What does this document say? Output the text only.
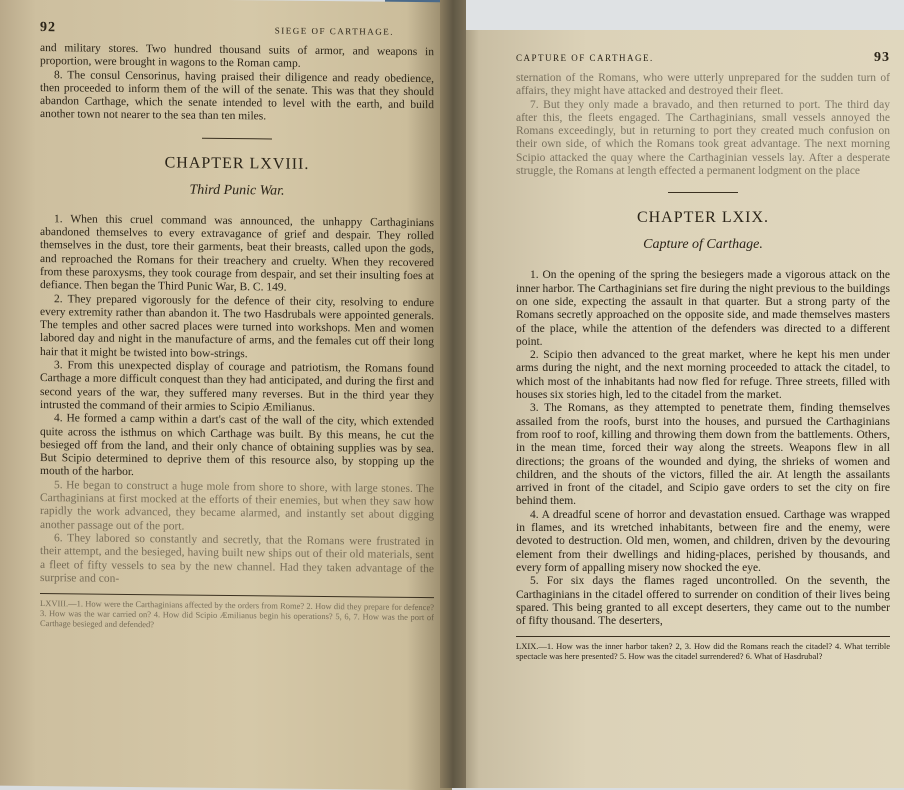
92	SIEGE OF CARTHAGE.

and military stores. Two hundred thousand suits of armor, and weapons in proportion, were brought in wagons to the Roman camp.

8. The consul Censorinus, having praised their diligence and ready obedience, then proceeded to inform them of the will of the senate. This was that they should abandon Carthage, which the senate intended to level with the earth, and build another town not nearer to the sea than ten miles.

CHAPTER LXVIII.
Third Punic War.

1. When this cruel command was announced, the unhappy Carthaginians abandoned themselves to every extravagance of grief and despair. They rolled themselves in the dust, tore their garments, beat their breasts, called upon the gods, and reproached the Romans for their treachery and cruelty. When they recovered from these paroxysms, they took courage from despair, and set their insulting foes at defiance. Then began the Third Punic War, B. C. 149.

2. They prepared vigorously for the defence of their city, resolving to endure every extremity rather than abandon it. The two Hasdrubals were appointed generals. The temples and other sacred places were turned into workshops. Men and women labored day and night in the manufacture of arms, and the females cut off their long hair that it might be twisted into bow-strings.

3. From this unexpected display of courage and patriotism, the Romans found Carthage a more difficult conquest than they had anticipated, and during the first and second years of the war, they suffered many reverses. But in the third year they intrusted the command of their armies to Scipio Æmilianus.

4. He formed a camp within a dart's cast of the wall of the city, which extended quite across the isthmus on which Carthage was built. By this means, he cut the besieged off from the land, and their only chance of obtaining supplies was by sea. But Scipio determined to deprive them of this resource also, by stopping up the mouth of the harbor.

5. He began to construct a huge mole from shore to shore, with large stones. The Carthaginians at first mocked at the efforts of their enemies, but when they saw how rapidly the work advanced, they became alarmed, and instantly set about digging another passage out of the port.

6. They labored so constantly and secretly, that the Romans were frustrated in their attempt, and the besieged, having built new ships out of their old materials, sent a fleet of fifty vessels to sea by the new channel. Had they taken advantage of the surprise and con-

LXVIII.—1. How were the Carthaginians affected by the orders from Rome? 2. How did they prepare for defence? 3. How was the war carried on? 4. How did Scipio Æmilianus begin his operations? 5, 6, 7. How was the port of Carthage besieged and defended?

CAPTURE OF CARTHAGE.	93

sternation of the Romans, who were utterly unprepared for the sudden turn of affairs, they might have attacked and destroyed their fleet.

7. But they only made a bravado, and then returned to port. The third day after this, the fleets engaged. The Carthaginians, small vessels annoyed the Romans exceedingly, but in returning to port they created much confusion on their own side, of which the Romans took great advantage. The next morning Scipio attacked the quay where the Carthaginian vessels lay. After a desperate struggle, the Romans at length effected a permanent lodgment on the place

CHAPTER LXIX.
Capture of Carthage.

1. On the opening of the spring the besiegers made a vigorous attack on the inner harbor. The Carthaginians set fire during the night previous to the buildings on one side, expecting the assault in that quarter. But a strong party of the Romans secretly approached on the opposite side, and made themselves masters of the place, while the attention of the defenders was directed to a different point.

2. Scipio then advanced to the great market, where he kept his men under arms during the night, and the next morning proceeded to attack the citadel, to which most of the inhabitants had now fled for refuge. Three streets, filled with houses six stories high, led to the citadel from the market.

3. The Romans, as they attempted to penetrate them, finding themselves assailed from the roofs, burst into the houses, and pursued the Carthaginians from roof to roof, killing and throwing them down from the battlements. Others, in the mean time, forced their way along the streets. Weapons flew in all directions; the groans of the wounded and dying, the shrieks of women and children, and the shouts of the victors, filled the air. At length the assailants arrived in front of the citadel, and Scipio gave orders to set the city on fire behind them.

4. A dreadful scene of horror and devastation ensued. Carthage was wrapped in flames, and its wretched inhabitants, between fire and the enemy, were devoted to destruction. Old men, women, and children, driven by the devouring element from their dwellings and hiding-places, perished by thousands, and every form of appalling misery now shocked the eye.

5. For six days the flames raged uncontrolled. On the seventh, the Carthaginians in the citadel offered to surrender on condition of their lives being spared. This being granted to all except deserters, they came out to the number of fifty thousand. The deserters,

LXIX.—1. How was the inner harbor taken? 2, 3. How did the Romans reach the citadel? 4. What terrible spectacle was here presented? 5. How was the citadel surrendered? 6. What of Hasdrubal?
